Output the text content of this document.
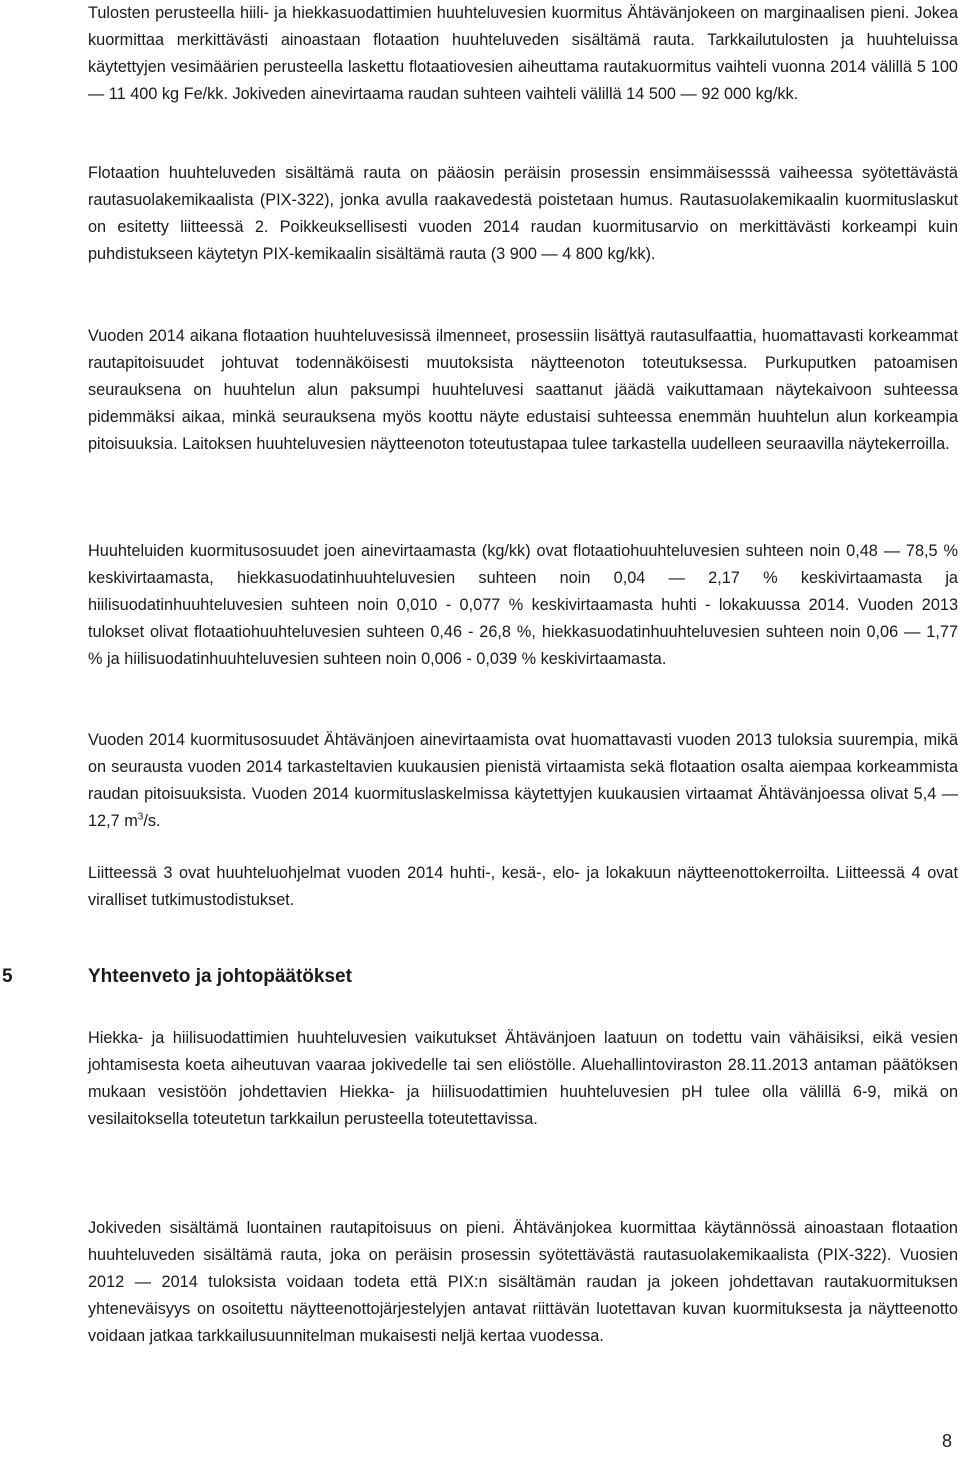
Tulosten perusteella hiili- ja hiekkasuodattimien huuhteluvesien kuormitus Ähtävänjokeen on marginaalisen pieni. Jokea kuormittaa merkittävästi ainoastaan flotaation huuhteluveden sisältämä rauta. Tarkkailutulosten ja huuhteluissa käytettyjen vesimäärien perusteella laskettu flotaatiovesien aiheuttama rautakuormitus vaihteli vuonna 2014 välillä 5 100 — 11 400 kg Fe/kk. Jokiveden ainevirtaama raudan suhteen vaihteli välillä 14 500 — 92 000 kg/kk.

Flotaation huuhteluveden sisältämä rauta on pääosin peräisin prosessin ensimmäisesssä vaiheessa syötettävästä rautasuolakemikaalista (PIX-322), jonka avulla raakavedestä poistetaan humus. Rautasuolakemikaalin kuormituslaskut on esitetty liitteessä 2. Poikkeuksellisesti vuoden 2014 raudan kuormitusarvio on merkittävästi korkeampi kuin puhdistukseen käytetyn PIX-kemikaalin sisältämä rauta (3 900 — 4 800 kg/kk).

Vuoden 2014 aikana flotaation huuhteluvesissä ilmenneet, prosessiin lisättyä rautasulfaattia, huomattavasti korkeammat rautapitoisuudet johtuvat todennäköisesti muutoksista näytteenoton toteutuksessa. Purkuputken patoamisen seurauksena on huuhtelun alun paksumpi huuhteluvesi saattanut jäädä vaikuttamaan näytekaivoon suhteessa pidemmäksi aikaa, minkä seurauksena myös koottu näyte edustaisi suhteessa enemmän huuhtelun alun korkeampia pitoisuuksia. Laitoksen huuhteluvesien näytteenoton toteutustapaa tulee tarkastella uudelleen seuraavilla näytekerroilla.

Huuhteluiden kuormitusosuudet joen ainevirtaamasta (kg/kk) ovat flotaatiohuuhteluvesien suhteen noin 0,48 — 78,5 % keskivirtaamasta, hiekkasuodatinhuuhteluvesien suhteen noin 0,04 — 2,17 % keskivirtaamasta ja hiilisuodatinhuuhteluvesien suhteen noin 0,010 - 0,077 % keskivirtaamasta huhti - lokakuussa 2014. Vuoden 2013 tulokset olivat flotaatiohuuhteluvesien suhteen 0,46 - 26,8 %, hiekkasuodatinhuuhteluvesien suhteen noin 0,06 — 1,77 % ja hiilisuodatinhuuhteluvesien suhteen noin 0,006 - 0,039 % keskivirtaamasta.

Vuoden 2014 kuormitusosuudet Ähtävänjoen ainevirtaamista ovat huomattavasti vuoden 2013 tuloksia suurempia, mikä on seurausta vuoden 2014 tarkasteltavien kuukausien pienistä virtaamista sekä flotaation osalta aiempaa korkeammista raudan pitoisuuksista. Vuoden 2014 kuormituslaskelmissa käytettyjen kuukausien virtaamat Ähtävänjoessa olivat 5,4 — 12,7 $m^3/s$.

Liitteessä 3 ovat huuhteluohjelmat vuoden 2014 huhti-, kesä-, elo- ja lokakuun näytteenottokerroilta. Liitteessä 4 ovat viralliset tutkimustodistukset.

5	Yhteenveto ja johtopäätökset

Hiekka- ja hiilisuodattimien huuhteluvesien vaikutukset Ähtävänjoen laatuun on todettu vain vähäisiksi, eikä vesien johtamisesta koeta aiheutuvan vaaraa jokivedelle tai sen eliöstölle. Aluehallintoviraston 28.11.2013 antaman päätöksen mukaan vesistöön johdettavien Hiekka- ja hiilisuodattimien huuhteluvesien pH tulee olla välillä 6-9, mikä on vesilaitoksella toteutetun tarkkailun perusteella toteutettavissa.

Jokiveden sisältämä luontainen rautapitoisuus on pieni. Ähtävänjokea kuormittaa käytännössä ainoastaan flotaation huuhteluveden sisältämä rauta, joka on peräisin prosessin syötettävästä rautasuolakemikaalista (PIX-322). Vuosien 2012 — 2014 tuloksista voidaan todeta että PIX:n sisältämän raudan ja jokeen johdettavan rautakuormituksen yhteneväisyys on osoitettu näytteenottojärjestelyjen antavat riittävän luotettavan kuvan kuormituksesta ja näytteenotto voidaan jatkaa tarkkailusuunnitelman mukaisesti neljä kertaa vuodessa.

8
